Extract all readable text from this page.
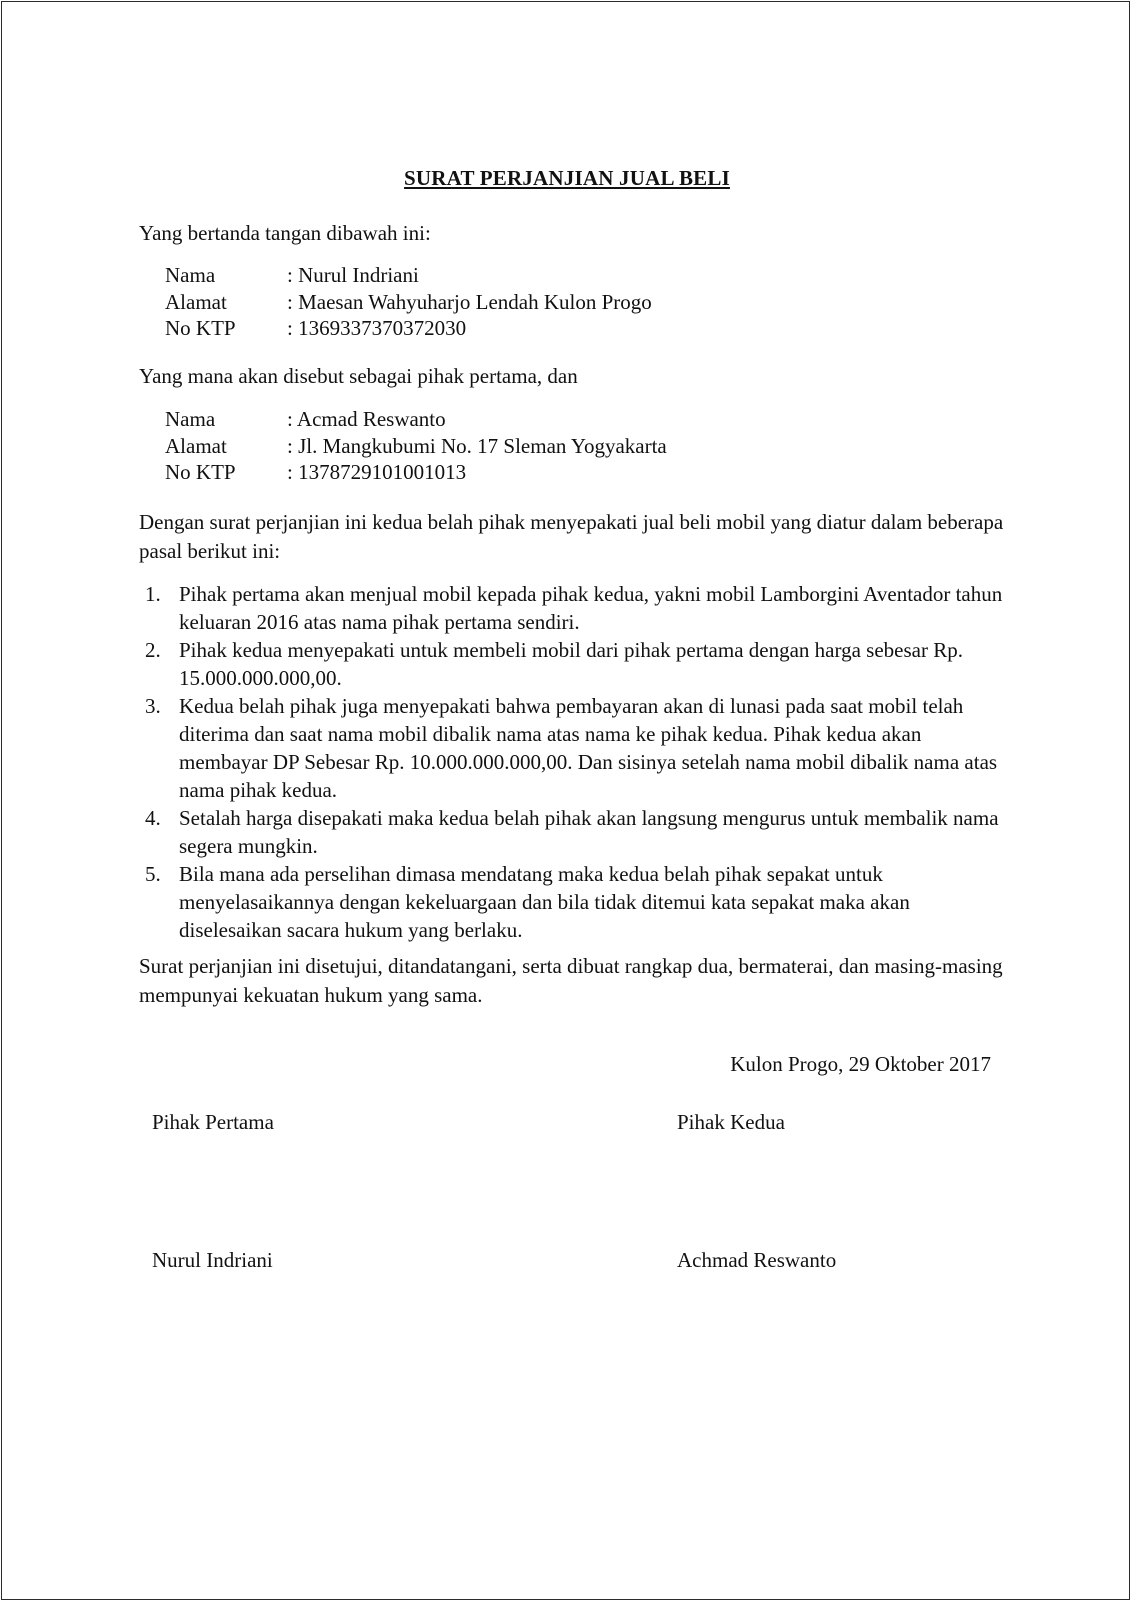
SURAT PERJANJIAN JUAL BELI
Yang bertanda tangan dibawah ini:
Nama	: Nurul Indriani
Alamat	: Maesan Wahyuharjo Lendah Kulon Progo
No KTP	: 1369337370372030
Yang mana akan disebut sebagai pihak pertama, dan
Nama	: Acmad Reswanto
Alamat	: Jl. Mangkubumi No. 17 Sleman Yogyakarta
No KTP	: 1378729101001013
Dengan surat perjanjian ini kedua belah pihak menyepakati jual beli mobil yang diatur dalam beberapa pasal berikut ini:
1. Pihak pertama akan menjual mobil kepada pihak kedua, yakni mobil Lamborgini Aventador tahun keluaran 2016 atas nama pihak pertama sendiri.
2. Pihak kedua menyepakati untuk membeli mobil dari pihak pertama dengan harga sebesar Rp. 15.000.000.000,00.
3. Kedua belah pihak juga menyepakati bahwa pembayaran akan di lunasi pada saat mobil telah diterima dan saat nama mobil dibalik nama atas nama ke pihak kedua. Pihak kedua akan membayar DP Sebesar Rp. 10.000.000.000,00. Dan sisinya setelah nama mobil dibalik nama atas nama pihak kedua.
4. Setalah harga disepakati maka kedua belah pihak akan langsung mengurus untuk membalik nama segera mungkin.
5. Bila mana ada perselihan dimasa mendatang maka kedua belah pihak sepakat untuk menyelasaikannya dengan kekeluargaan dan bila tidak ditemui kata sepakat maka akan diselesaikan sacara hukum yang berlaku.
Surat perjanjian ini disetujui, ditandatangani, serta dibuat rangkap dua, bermaterai, dan masing-masing mempunyai kekuatan hukum yang sama.
Kulon Progo, 29 Oktober 2017
Pihak Pertama	Pihak Kedua
Nurul Indriani	Achmad Reswanto
